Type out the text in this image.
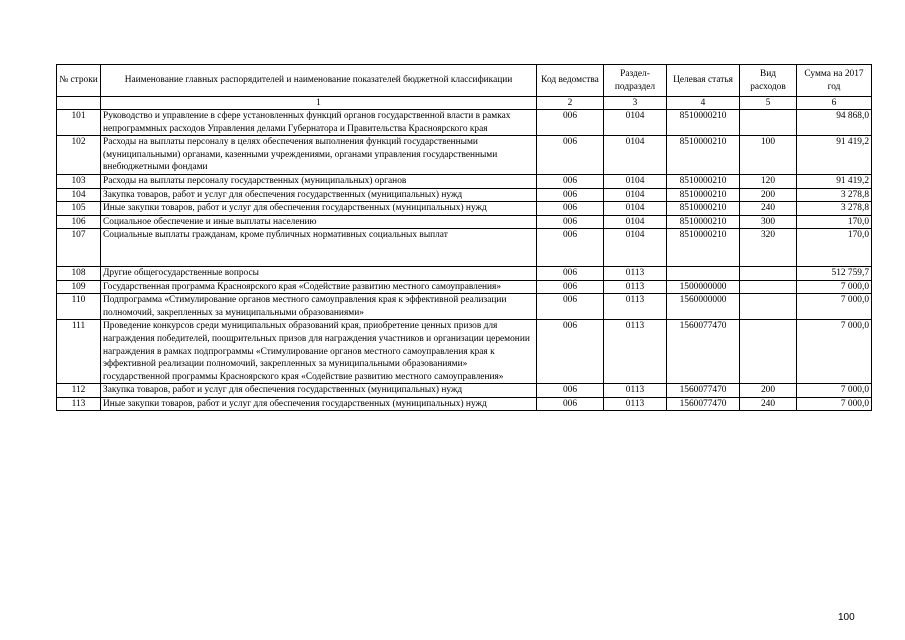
№ строки	Наименование главных распорядителей и наименование показателей бюджетной классификации	Код ведомства	Раздел-подраздел	Целевая статья	Вид расходов	Сумма на 2017 год
	1	2	3	4	5	6
101	Руководство и управление в сфере установленных функций органов государственной власти в рамках непрограммных расходов Управления делами Губернатора и Правительства Красноярского края	006	0104	8510000210		94 868,0
102	Расходы на выплаты персоналу в целях обеспечения выполнения функций государственными (муниципальными) органами, казенными учреждениями, органами управления государственными внебюджетными фондами	006	0104	8510000210	100	91 419,2
103	Расходы на выплаты персоналу государственных (муниципальных) органов	006	0104	8510000210	120	91 419,2
104	Закупка товаров, работ и услуг для обеспечения государственных (муниципальных) нужд	006	0104	8510000210	200	3 278,8
105	Иные закупки товаров, работ и услуг для обеспечения государственных (муниципальных) нужд	006	0104	8510000210	240	3 278,8
106	Социальное обеспечение и иные выплаты населению	006	0104	8510000210	300	170,0
107	Социальные выплаты гражданам, кроме публичных нормативных социальных выплат	006	0104	8510000210	320	170,0
108	Другие общегосударственные вопросы	006	0113			512 759,7
109	Государственная программа Красноярского края «Содействие развитию местного самоуправления»	006	0113	1500000000		7 000,0
110	Подпрограмма «Стимулирование органов местного самоуправления края к эффективной реализации полномочий, закрепленных за муниципальными образованиями»	006	0113	1560000000		7 000,0
111	Проведение конкурсов среди муниципальных образований края, приобретение ценных призов для награждения победителей, поощрительных призов для награждения участников и организации церемонии награждения в рамках подпрограммы «Стимулирование органов местного самоуправления края к эффективной реализации полномочий, закрепленных за муниципальными образованиями» государственной программы Красноярского края «Содействие развитию местного самоуправления»	006	0113	1560077470		7 000,0
112	Закупка товаров, работ и услуг для обеспечения государственных (муниципальных) нужд	006	0113	1560077470	200	7 000,0
113	Иные закупки товаров, работ и услуг для обеспечения государственных (муниципальных) нужд	006	0113	1560077470	240	7 000,0
100
